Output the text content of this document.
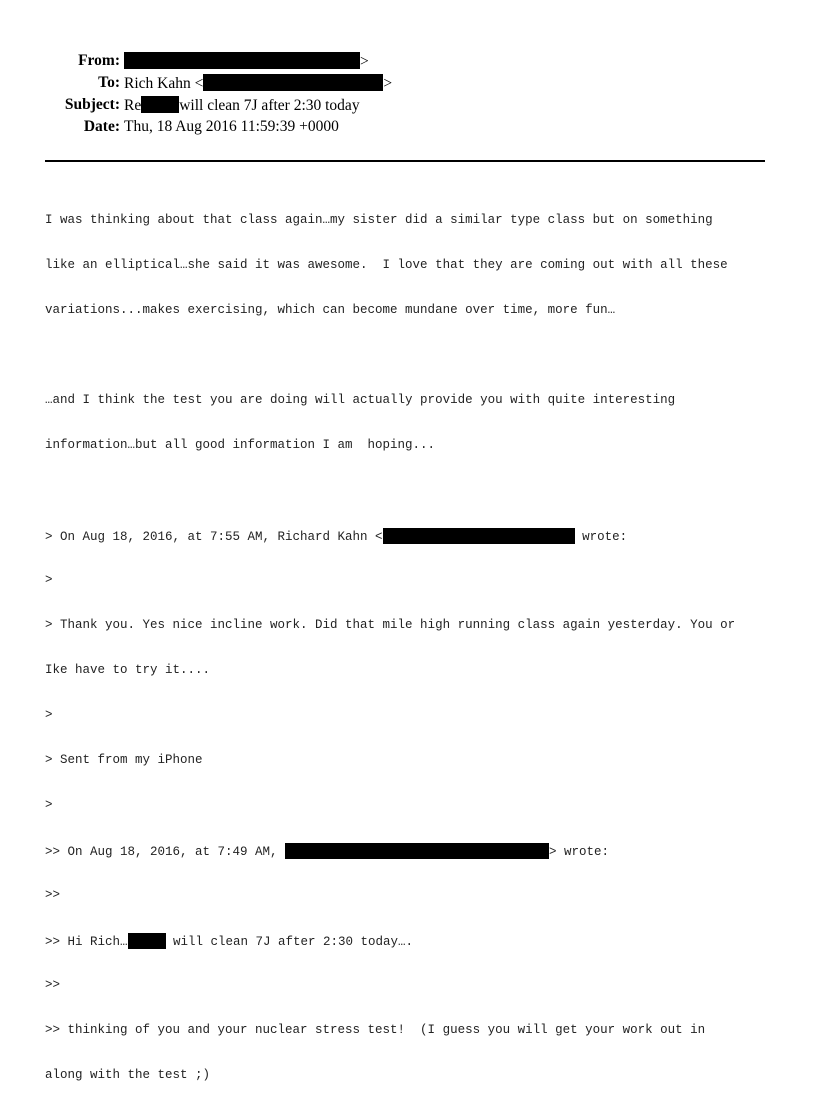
From:	>
To: Rich Kahn <	>
Subject: Re will clean 7J after 2:30 today
Date: Thu, 18 Aug 2016 11:59:39 +0000

I was thinking about that class again…my sister did a similar type class but on something

like an elliptical…she said it was awesome.  I love that they are coming out with all these

variations...makes exercising, which can become mundane over time, more fun…

…and I think the test you are doing will actually provide you with quite interesting

information…but all good information I am  hoping...

> On Aug 18, 2016, at 7:55 AM, Richard Kahn <	wrote:

>

> Thank you. Yes nice incline work. Did that mile high running class again yesterday. You or

Ike have to try it....

>

> Sent from my iPhone

>

>> On Aug 18, 2016, at 7:49 AM,	> wrote:

>>

>> Hi Rich…	will clean 7J after 2:30 today….

>>

>> thinking of you and your nuclear stress test!  (I guess you will get your work out in

along with the test ;)
